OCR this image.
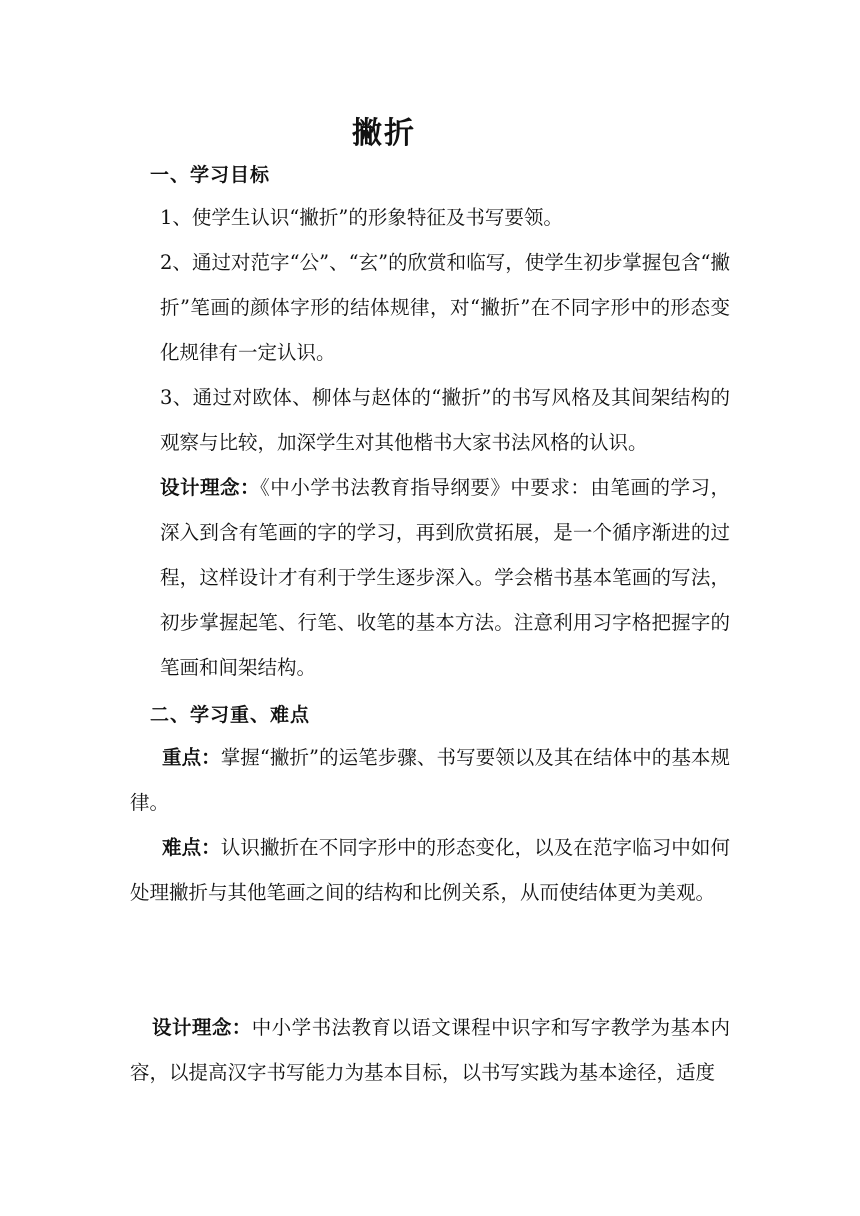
撇折
一、学习目标

1、使学生认识“撇折”的形象特征及书写要领。

2、通过对范字“公”、“玄”的欣赏和临写，使学生初步掌握包含“撇折”笔画的颜体字形的结体规律，对“撇折”在不同字形中的形态变化规律有一定认识。

3、通过对欧体、柳体与赵体的“撇折”的书写风格及其间架结构的观察与比较，加深学生对其他楷书大家书法风格的认识。

设计理念：《中小学书法教育指导纲要》中要求：由笔画的学习，深入到含有笔画的字的学习，再到欣赏拓展，是一个循序渐进的过程，这样设计才有利于学生逐步深入。学会楷书基本笔画的写法，初步掌握起笔、行笔、收笔的基本方法。注意利用习字格把握字的笔画和间架结构。

二、学习重、难点

重点：掌握“撇折”的运笔步骤、书写要领以及其在结体中的基本规律。

难点：认识撇折在不同字形中的形态变化，以及在范字临习中如何处理撇折与其他笔画之间的结构和比例关系，从而使结体更为美观。

设计理念：中小学书法教育以语文课程中识字和写字教学为基本内容，以提高汉字书写能力为基本目标，以书写实践为基本途径，适度
